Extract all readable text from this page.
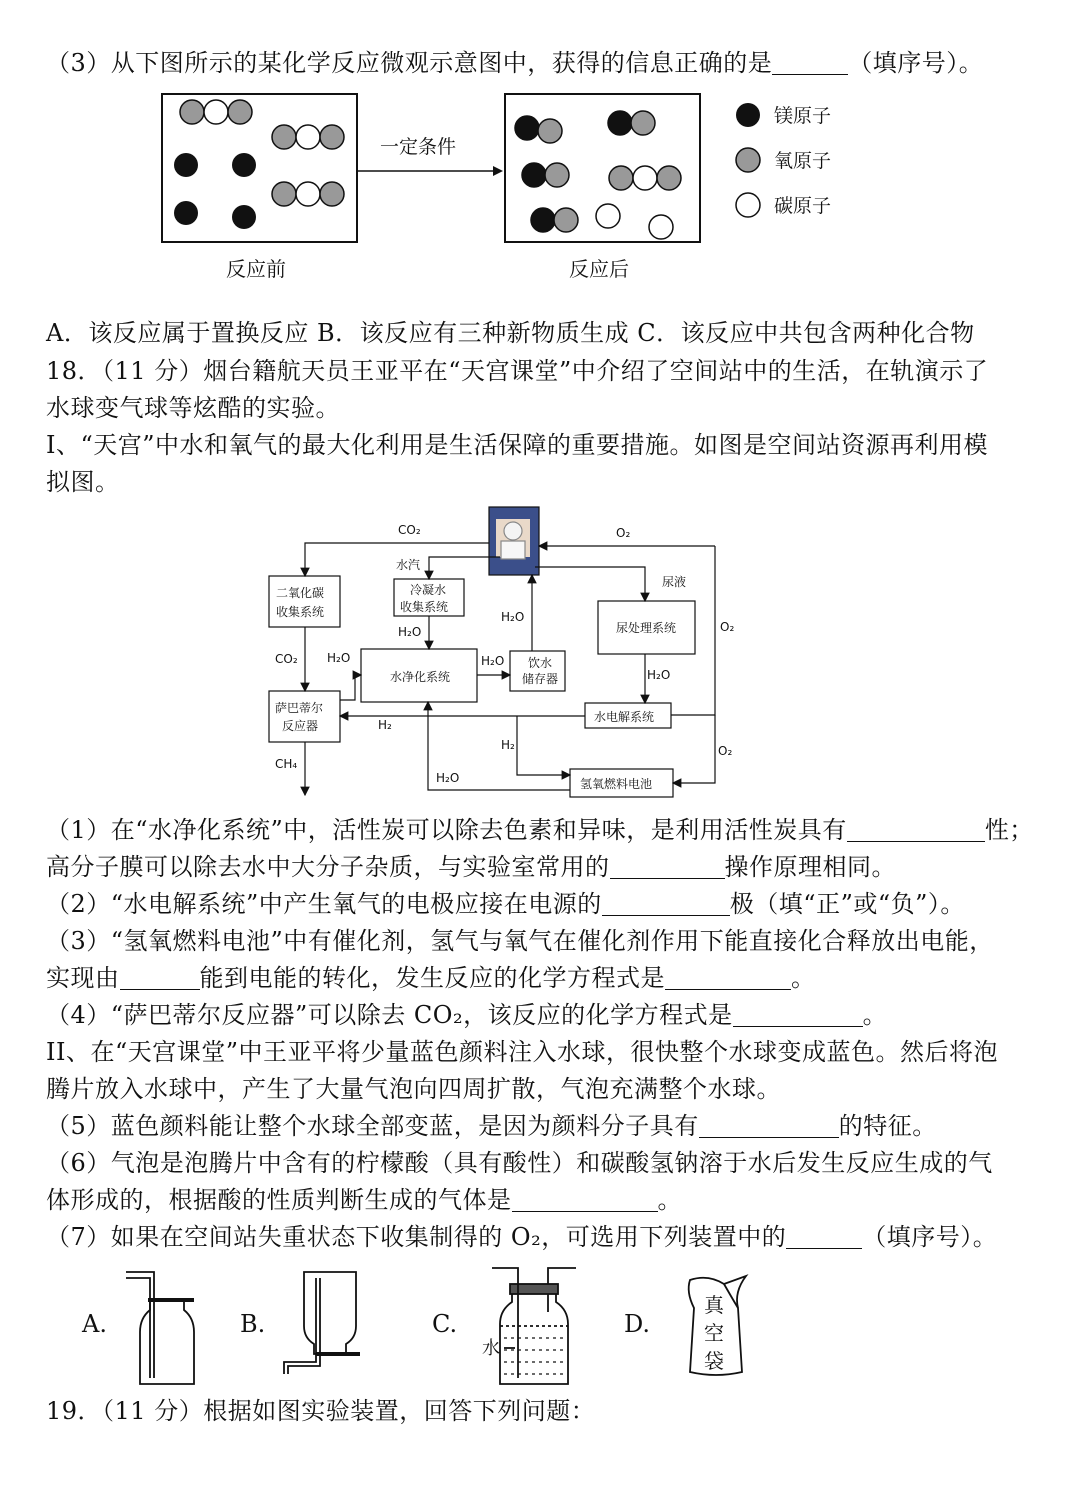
（3）从下图所示的某化学反应微观示意图中，获得的信息正确的是	（填序号）。
一定条件
镁原子
氧原子
碳原子
反应前	反应后
A．该反应属于置换反应 B．该反应有三种新物质生成 C．该反应中共包含两种化合物
18．（11 分）烟台籍航天员王亚平在“天宫课堂”中介绍了空间站中的生活，在轨演示了
水球变气球等炫酷的实验。
I、“天宫”中水和氧气的最大化利用是生活保障的重要措施。如图是空间站资源再利用模
拟图。
二氧化碳
收集系统
冷凝水
收集系统
水净化系统
饮水
储存器
尿处理系统
萨巴蒂尔
反应器
水电解系统
氢氧燃料电池
CO₂	O₂
水汽
尿液
H₂O
H₂O	O₂
CO₂ H₂O	H₂O
H₂O
H₂
H₂	O₂
CH₄
H₂O
（1）在“水净化系统”中，活性炭可以除去色素和异味，是利用活性炭具有	性；
高分子膜可以除去水中大分子杂质，与实验室常用的	操作原理相同。
（2）“水电解系统”中产生氧气的电极应接在电源的	极（填“正”或“负”）。
（3）“氢氧燃料电池”中有催化剂，氢气与氧气在催化剂作用下能直接化合释放出电能，
实现由	能到电能的转化，发生反应的化学方程式是	。
（4）“萨巴蒂尔反应器”可以除去 CO₂，该反应的化学方程式是	。
II、在“天宫课堂”中王亚平将少量蓝色颜料注入水球，很快整个水球变成蓝色。然后将泡
腾片放入水球中，产生了大量气泡向四周扩散，气泡充满整个水球。
（5）蓝色颜料能让整个水球全部变蓝，是因为颜料分子具有	的特征。
（6）气泡是泡腾片中含有的柠檬酸（具有酸性）和碳酸氢钠溶于水后发生反应生成的气
体形成的，根据酸的性质判断生成的气体是	。
（7）如果在空间站失重状态下收集制得的 O₂，可选用下列装置中的	（填序号）。
A.	B.	C.	D.
水
真
空
袋
19．（11 分）根据如图实验装置，回答下列问题：
